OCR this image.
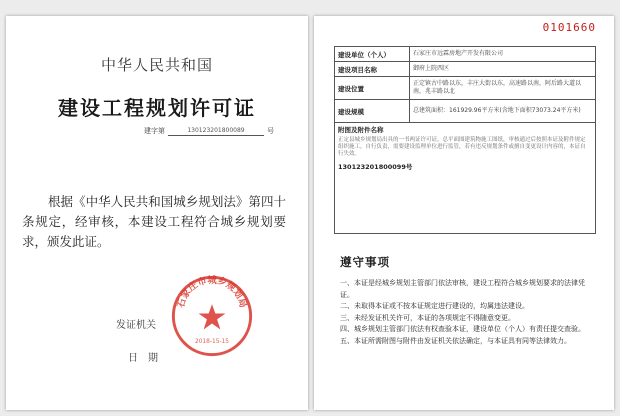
中华人民共和国
建设工程规划许可证
建字第	130123201800089	号
根据《中华人民共和国城乡规划法》第四十条规定，经审核，本建设工程符合城乡规划要求，颁发此证。
发证机关
日期
石家庄市城乡规划局
2018-15-15
0101660
建设单位（个人）	石家庄市远霖房地产开发有限公司
建设项目名称	御府上院西区
建设位置	正定镇古中路以东，丰庄大街以东，高速路以南，阿后路大道以南，兆丰路以北
建设规模	总建筑面积：161929.96平方米(含地下面积73073.24平方米)

附图及附件名称
正定县城乡规划局出具的一书两证许可证，总平面图建筑物施工图纸，审核通过后按照本证及附件规定组织施工，自行负责，需要建设监理单位进行监管，若有违反规划条件或擅自变更设计内容的，本证自行失效。
130123201800099号	
遵守事项

一、本证是经城乡规划主管部门依法审核，建设工程符合城乡规划要求的法律凭证。

二、未取得本证或不按本证规定进行建设的，均属违法建设。

三、未经发证机关许可，本证的各项规定不得随意变更。

四、城乡规划主管部门依法有权查验本证，建设单位（个人）有责任提交查验。

五、本证所需附图与附件由发证机关依法确定，与本证具有同等法律效力。
